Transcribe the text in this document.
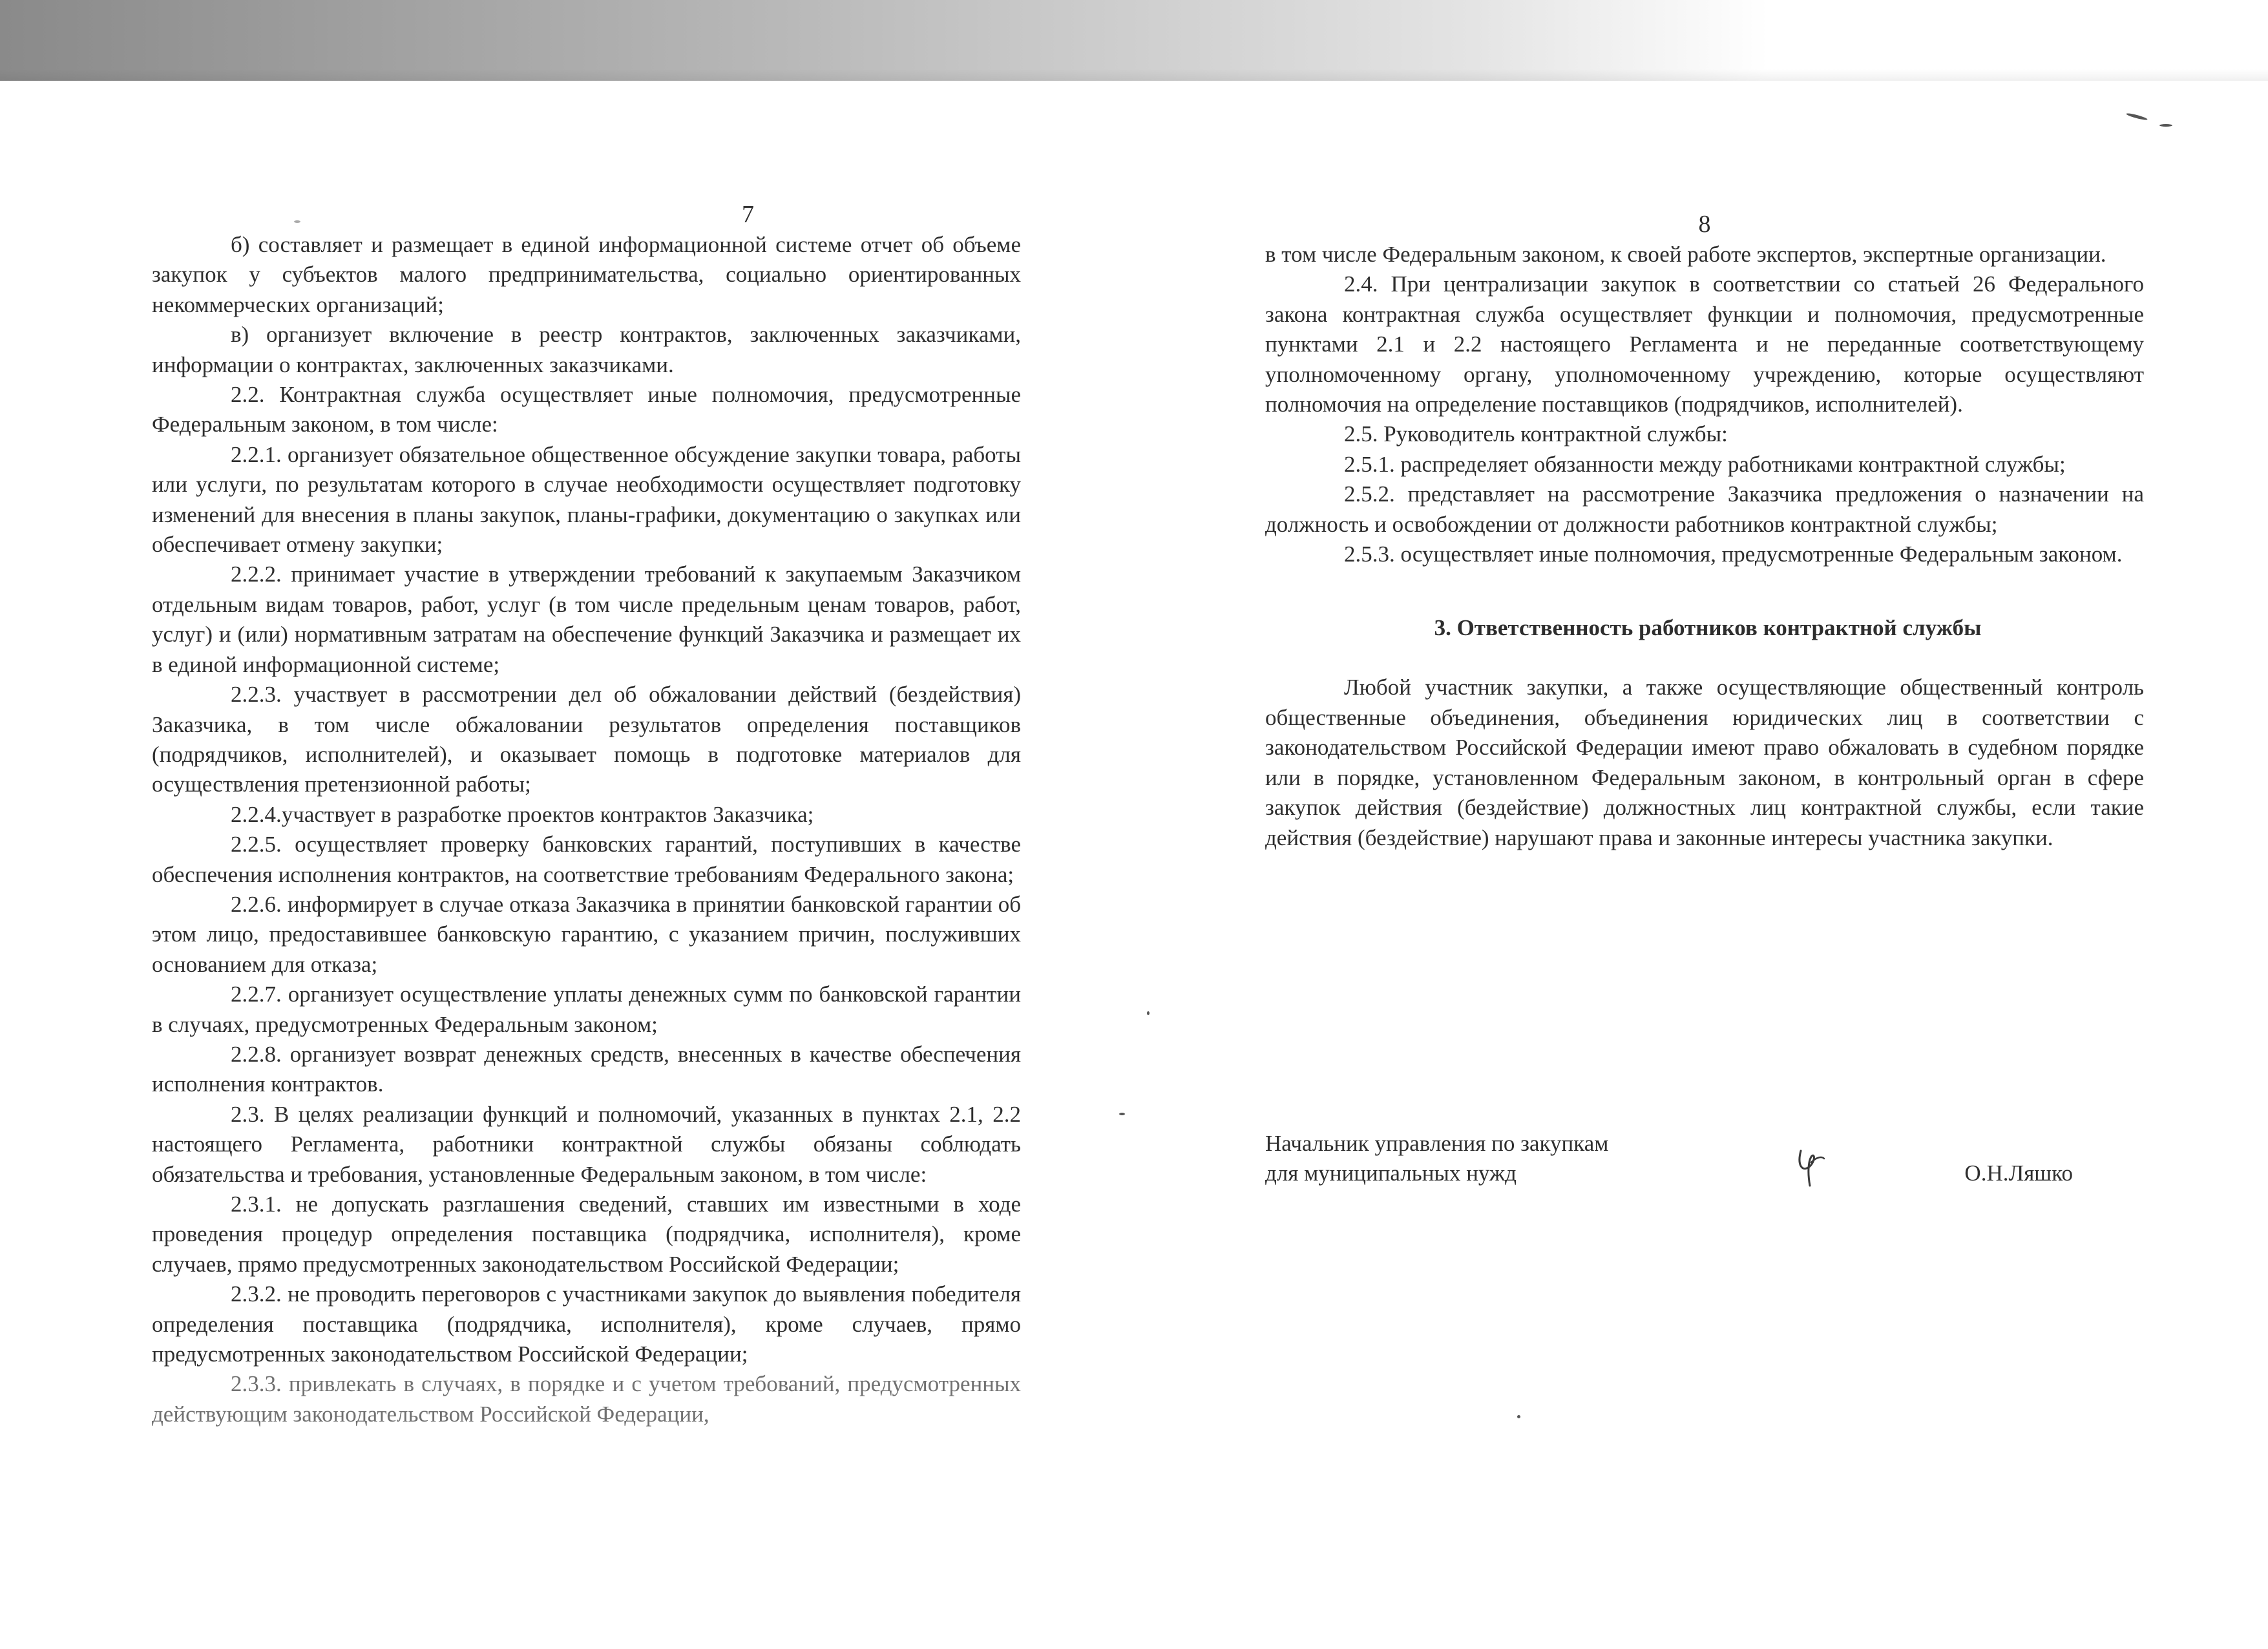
7

б) составляет и размещает в единой информационной системе отчет об объеме закупок у субъектов малого предпринимательства, социально ориентированных некоммерческих организаций;

в) организует включение в реестр контрактов, заключенных заказчиками, информации о контрактах, заключенных заказчиками.

2.2. Контрактная служба осуществляет иные полномочия, предусмотренные Федеральным законом, в том числе:

2.2.1. организует обязательное общественное обсуждение закупки товара, работы или услуги, по результатам которого в случае необходимости осуществляет подготовку изменений для внесения в планы закупок, планы-графики, документацию о закупках или обеспечивает отмену закупки;

2.2.2. принимает участие в утверждении требований к закупаемым Заказчиком отдельным видам товаров, работ, услуг (в том числе предельным ценам товаров, работ, услуг) и (или) нормативным затратам на обеспечение функций Заказчика и размещает их в единой информационной системе;

2.2.3. участвует в рассмотрении дел об обжаловании действий (бездействия) Заказчика, в том числе обжаловании результатов определения поставщиков (подрядчиков, исполнителей), и оказывает помощь в подготовке материалов для осуществления претензионной работы;

2.2.4.участвует в разработке проектов контрактов Заказчика;

2.2.5. осуществляет проверку банковских гарантий, поступивших в качестве обеспечения исполнения контрактов, на соответствие требованиям Федерального закона;

2.2.6. информирует в случае отказа Заказчика в принятии банковской гарантии об этом лицо, предоставившее банковскую гарантию, с указанием причин, послуживших основанием для отказа;

2.2.7. организует осуществление уплаты денежных сумм по банковской гарантии в случаях, предусмотренных Федеральным законом;

2.2.8. организует возврат денежных средств, внесенных в качестве обеспечения исполнения контрактов.

2.3. В целях реализации функций и полномочий, указанных в пунктах 2.1, 2.2 настоящего Регламента, работники контрактной службы обязаны соблюдать обязательства и требования, установленные Федеральным законом, в том числе:

2.3.1. не допускать разглашения сведений, ставших им известными в ходе проведения процедур определения поставщика (подрядчика, исполнителя), кроме случаев, прямо предусмотренных законодательством Российской Федерации;

2.3.2. не проводить переговоров с участниками закупок до выявления победителя определения поставщика (подрядчика, исполнителя), кроме случаев, прямо предусмотренных законодательством Российской Федерации;

2.3.3. привлекать в случаях, в порядке и с учетом требований, предусмотренных действующим законодательством Российской Федерации,

8

в том числе Федеральным законом, к своей работе экспертов, экспертные организации.

2.4. При централизации закупок в соответствии со статьей 26 Федерального закона контрактная служба осуществляет функции и полномочия, предусмотренные пунктами 2.1 и 2.2 настоящего Регламента и не переданные соответствующему уполномоченному органу, уполномоченному учреждению, которые осуществляют полномочия на определение поставщиков (подрядчиков, исполнителей).

2.5. Руководитель контрактной службы:

2.5.1. распределяет обязанности между работниками контрактной службы;

2.5.2. представляет на рассмотрение Заказчика предложения о назначении на должность и освобождении от должности работников контрактной службы;

2.5.3. осуществляет иные полномочия, предусмотренные Федеральным законом.

3. Ответственность работников контрактной службы

Любой участник закупки, а также осуществляющие общественный контроль общественные объединения, объединения юридических лиц в соответствии с законодательством Российской Федерации имеют право обжаловать в судебном порядке или в порядке, установленном Федеральным законом, в контрольный орган в сфере закупок действия (бездействие) должностных лиц контрактной службы, если такие действия (бездействие) нарушают права и законные интересы участника закупки.

Начальник управления по закупкам
для муниципальных нужд	О.Н.Ляшко
